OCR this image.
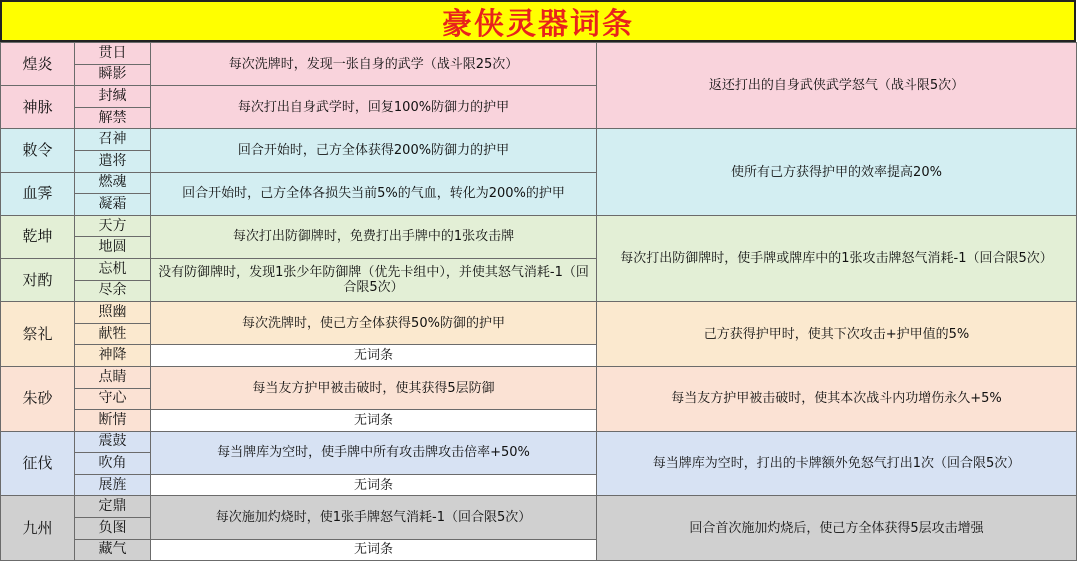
豪侠灵器词条
煌炎	贯日	每次洗牌时，发现一张自身的武学（战斗限25次）	返还打出的自身武侠武学怒气（战斗限5次）
	瞬影		
神脉	封缄	每次打出自身武学时，回复100%防御力的护甲	
	解禁		
敕令	召神	回合开始时，己方全体获得200%防御力的护甲	使所有己方获得护甲的效率提高20%
	遣将		
血霁	燃魂	回合开始时，己方全体各损失当前5%的气血，转化为200%的护甲	
	凝霜		
乾坤	天方	每次打出防御牌时，免费打出手牌中的1张攻击牌	每次打出防御牌时，使手牌或牌库中的1张攻击牌怒气消耗-1（回合限5次）
	地圆		
对酌	忘机	没有防御牌时，发现1张少年防御牌（优先卡组中），并使其怒气消耗-1（回合限5次）	
	尽余		
祭礼	照幽	每次洗牌时，使己方全体获得50%防御的护甲	己方获得护甲时，使其下次攻击+护甲值的5%
	献牲		
	神降	无词条	
朱砂	点睛	每当友方护甲被击破时，使其获得5层防御	每当友方护甲被击破时，使其本次战斗内功增伤永久+5%
	守心		
	断情	无词条	
征伐	震鼓	每当牌库为空时，使手牌中所有攻击牌攻击倍率+50%	每当牌库为空时，打出的卡牌额外免怒气打出1次（回合限5次）
	吹角		
	展旌	无词条	
九州	定鼎	每次施加灼烧时，使1张手牌怒气消耗-1（回合限5次）	回合首次施加灼烧后，使己方全体获得5层攻击增强
	负图		
	藏气	无词条	
